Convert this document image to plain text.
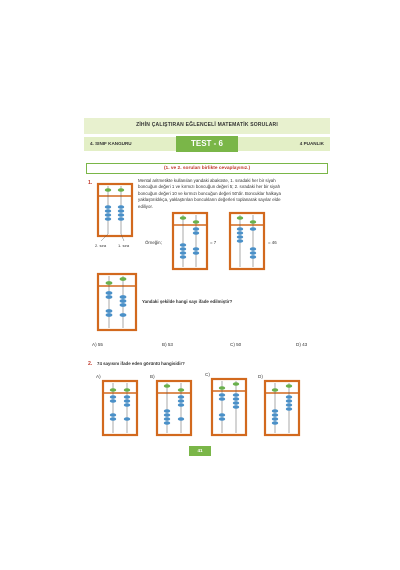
ZİHİN ÇALIŞTIRAN EĞLENCELİ MATEMATİK SORULARI
4. SINIF KANGURU	4 PUANLIK
TEST - 6
(1. ve 2. soruları birlikte cevaplayınız.)
1.	Mental aritmetikte kullanılan yandaki abaküste, 1. sıradaki her bir siyah
boncuğun değeri 1 ve kırmızı boncuğun değeri 5; 2. sıradaki her bir siyah
boncuğun değeri 10 ve kırmızı boncuğun değeri 50'dir. Boncuklar halkaya
yaklaştırıldıkça, yaklaştırılan boncukların değerleri toplanarak sayılar elde
ediliyor.
2. sıra	1. sıra
Örneğin;	= 7	= 46
Yandaki şekilde hangi sayı ifade edilmiştir?
A) 55	B) 53	C) 50	D) 43
2. 74 sayısını ifade eden görüntü hangisidir?
A)	B)	C)	D)
41
